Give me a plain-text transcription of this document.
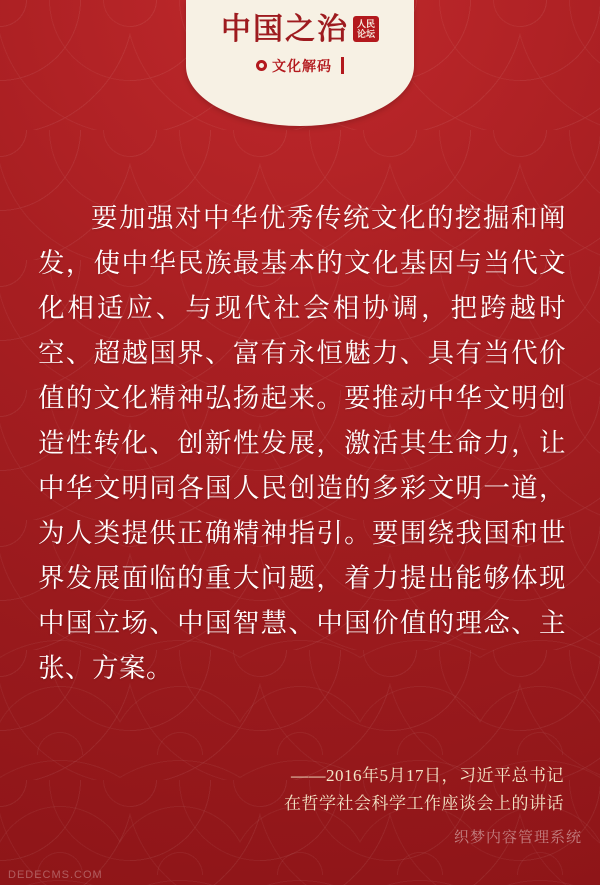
中国之治 人民论坛
文化解码
要加强对中华优秀传统文化的挖掘和阐发，使中华民族最基本的文化基因与当代文化相适应、与现代社会相协调，把跨越时空、超越国界、富有永恒魅力、具有当代价值的文化精神弘扬起来。要推动中华文明创造性转化、创新性发展，激活其生命力，让中华文明同各国人民创造的多彩文明一道，为人类提供正确精神指引。要围绕我国和世界发展面临的重大问题，着力提出能够体现中国立场、中国智慧、中国价值的理念、主张、方案。
——2016年5月17日，习近平总书记
在哲学社会科学工作座谈会上的讲话
织梦内容管理系统
DEDECMS.COM
